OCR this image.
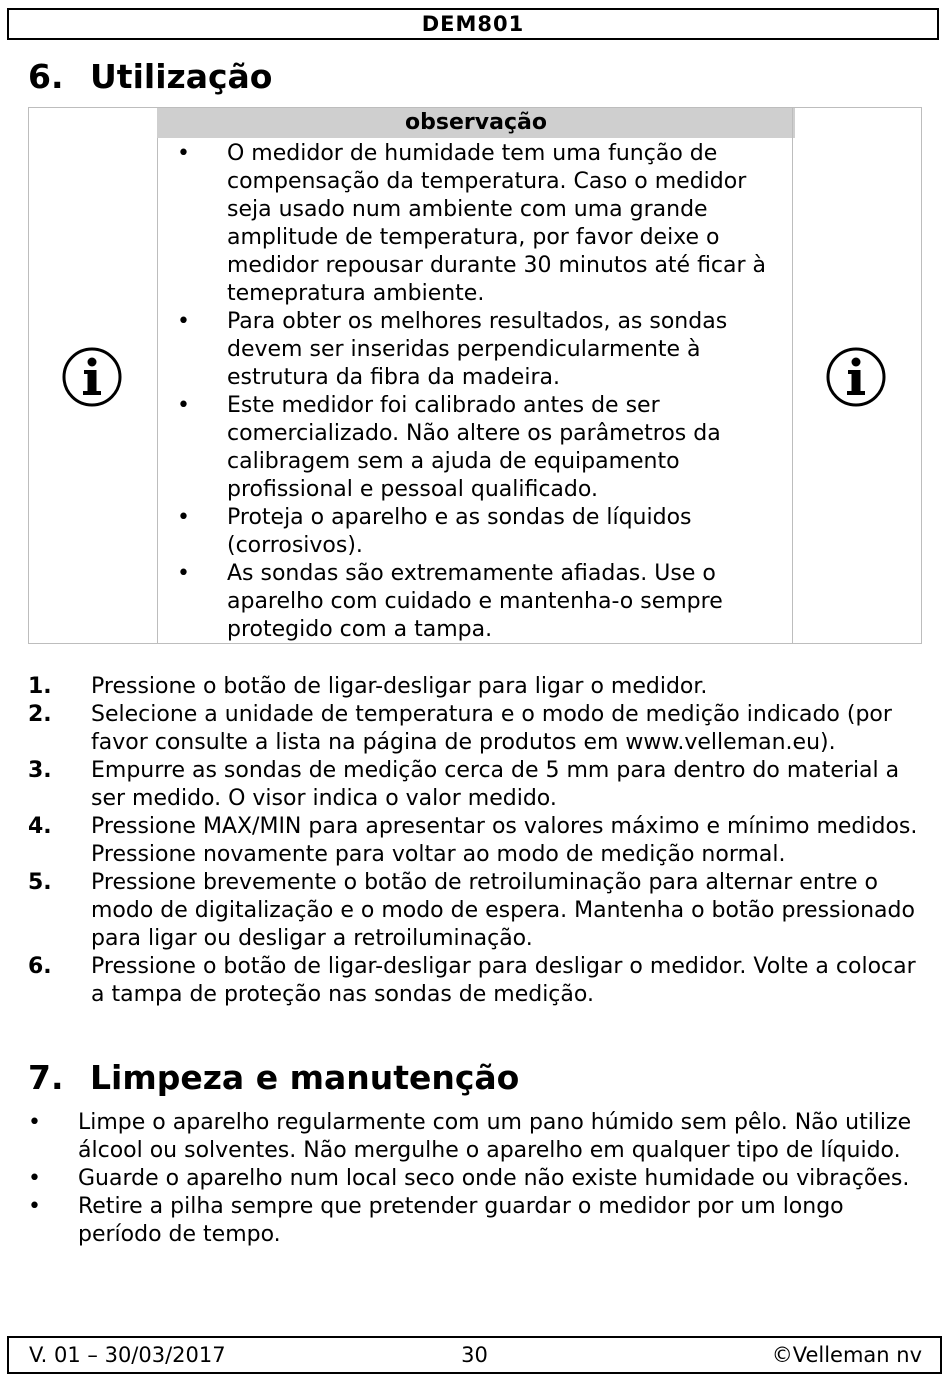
DEM801
6. Utilização
observação
• O medidor de humidade tem uma função de compensação da temperatura. Caso o medidor seja usado num ambiente com uma grande amplitude de temperatura, por favor deixe o medidor repousar durante 30 minutos até ficar à temepratura ambiente.
• Para obter os melhores resultados, as sondas devem ser inseridas perpendicularmente à estrutura da fibra da madeira.
• Este medidor foi calibrado antes de ser comercializado. Não altere os parâmetros da calibragem sem a ajuda de equipamento profissional e pessoal qualificado.
• Proteja o aparelho e as sondas de líquidos (corrosivos).
• As sondas são extremamente afiadas. Use o aparelho com cuidado e mantenha-o sempre protegido com a tampa.
1. Pressione o botão de ligar-desligar para ligar o medidor.
2. Selecione a unidade de temperatura e o modo de medição indicado (por favor consulte a lista na página de produtos em www.velleman.eu).
3. Empurre as sondas de medição cerca de 5 mm para dentro do material a ser medido. O visor indica o valor medido.
4. Pressione MAX/MIN para apresentar os valores máximo e mínimo medidos. Pressione novamente para voltar ao modo de medição normal.
5. Pressione brevemente o botão de retroiluminação para alternar entre o modo de digitalização e o modo de espera. Mantenha o botão pressionado para ligar ou desligar a retroiluminação.
6. Pressione o botão de ligar-desligar para desligar o medidor. Volte a colocar a tampa de proteção nas sondas de medição.
7. Limpeza e manutenção
• Limpe o aparelho regularmente com um pano húmido sem pêlo. Não utilize álcool ou solventes. Não mergulhe o aparelho em qualquer tipo de líquido.
• Guarde o aparelho num local seco onde não existe humidade ou vibrações.
• Retire a pilha sempre que pretender guardar o medidor por um longo período de tempo.
30
V. 01 – 30/03/2017	©Velleman nv
